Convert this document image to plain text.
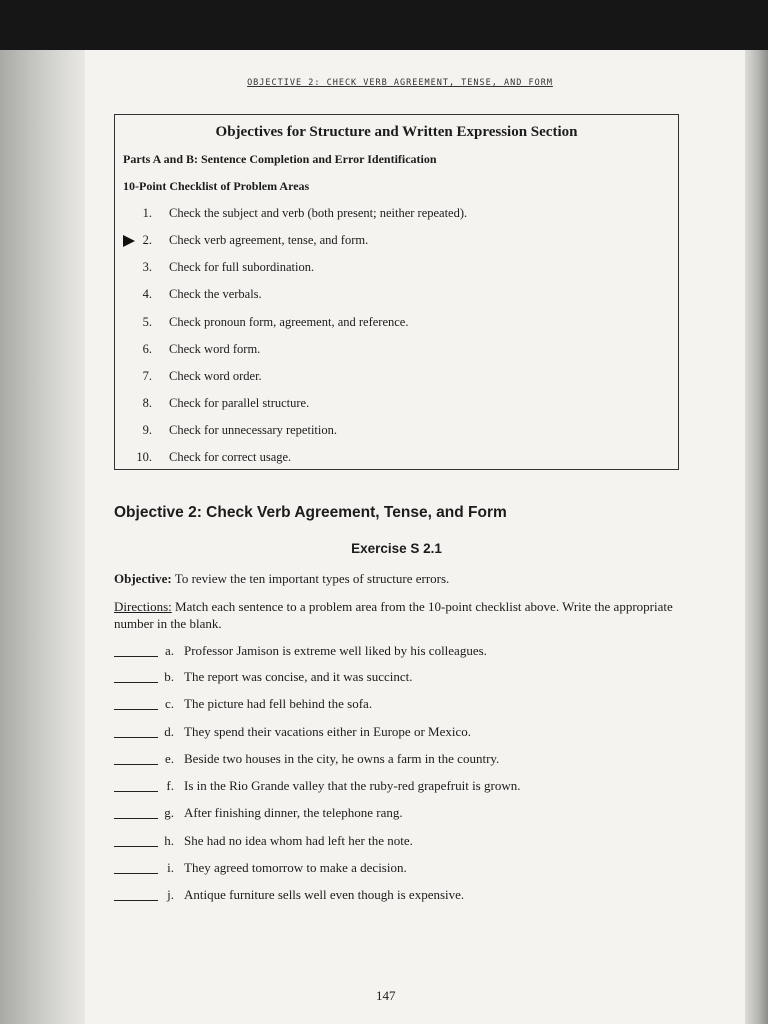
OBJECTIVE 2: CHECK VERB AGREEMENT, TENSE, AND FORM
Objectives for Structure and Written Expression Section
Parts A and B: Sentence Completion and Error Identification
10-Point Checklist of Problem Areas
1. Check the subject and verb (both present; neither repeated).
2. Check verb agreement, tense, and form.
3. Check for full subordination.
4. Check the verbals.
5. Check pronoun form, agreement, and reference.
6. Check word form.
7. Check word order.
8. Check for parallel structure.
9. Check for unnecessary repetition.
10. Check for correct usage.
Objective 2: Check Verb Agreement, Tense, and Form
Exercise S 2.1
Objective: To review the ten important types of structure errors.
Directions: Match each sentence to a problem area from the 10-point checklist above. Write the appropriate number in the blank.
a. Professor Jamison is extreme well liked by his colleagues.
b. The report was concise, and it was succinct.
c. The picture had fell behind the sofa.
d. They spend their vacations either in Europe or Mexico.
e. Beside two houses in the city, he owns a farm in the country.
f. Is in the Rio Grande valley that the ruby-red grapefruit is grown.
g. After finishing dinner, the telephone rang.
h. She had no idea whom had left her the note.
i. They agreed tomorrow to make a decision.
j. Antique furniture sells well even though is expensive.
147
